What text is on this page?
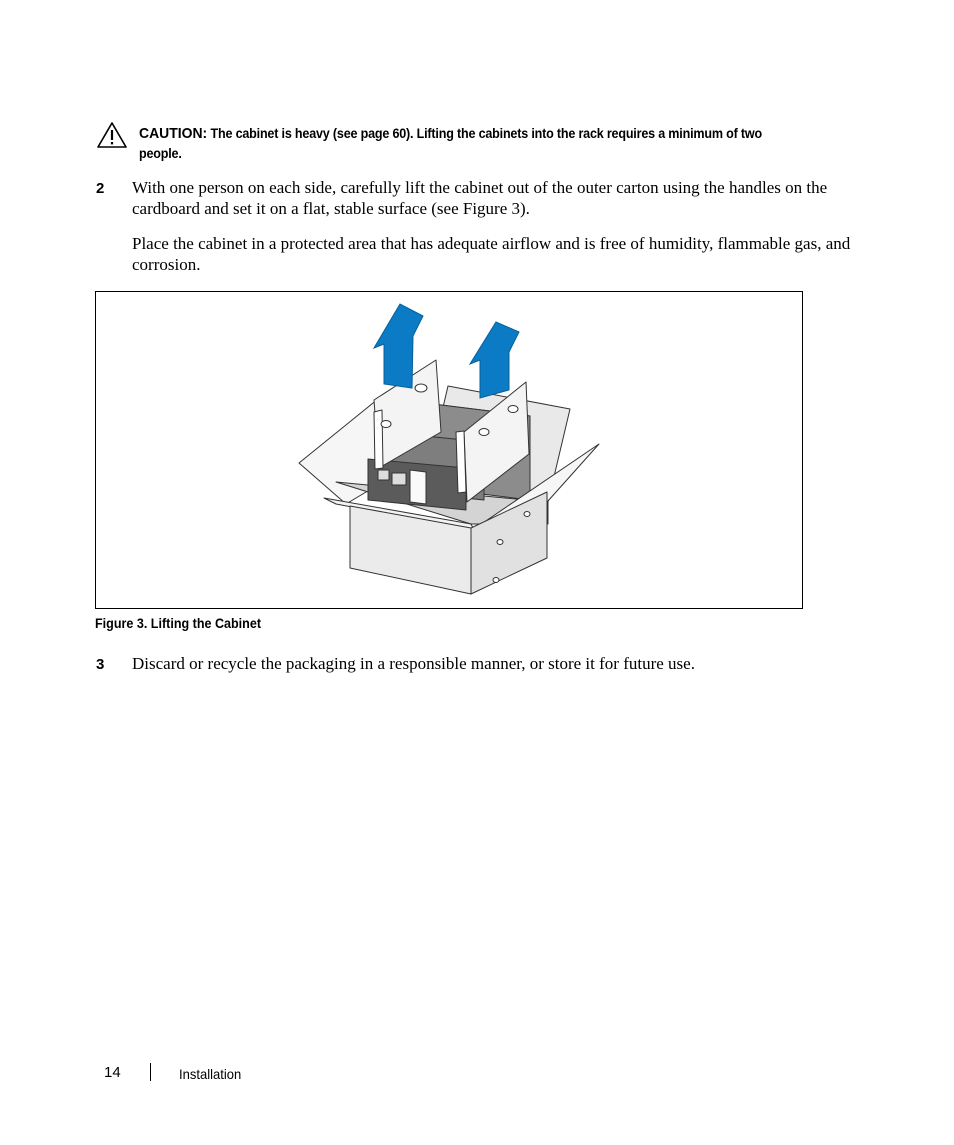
CAUTION: The cabinet is heavy (see page 60). Lifting the cabinets into the rack requires a minimum of two people.
2 With one person on each side, carefully lift the cabinet out of the outer carton using the handles on the cardboard and set it on a flat, stable surface (see Figure 3).
Place the cabinet in a protected area that has adequate airflow and is free of humidity, flammable gas, and corrosion.
Figure 3. Lifting the Cabinet
3 Discard or recycle the packaging in a responsible manner, or store it for future use.
14	Installation
